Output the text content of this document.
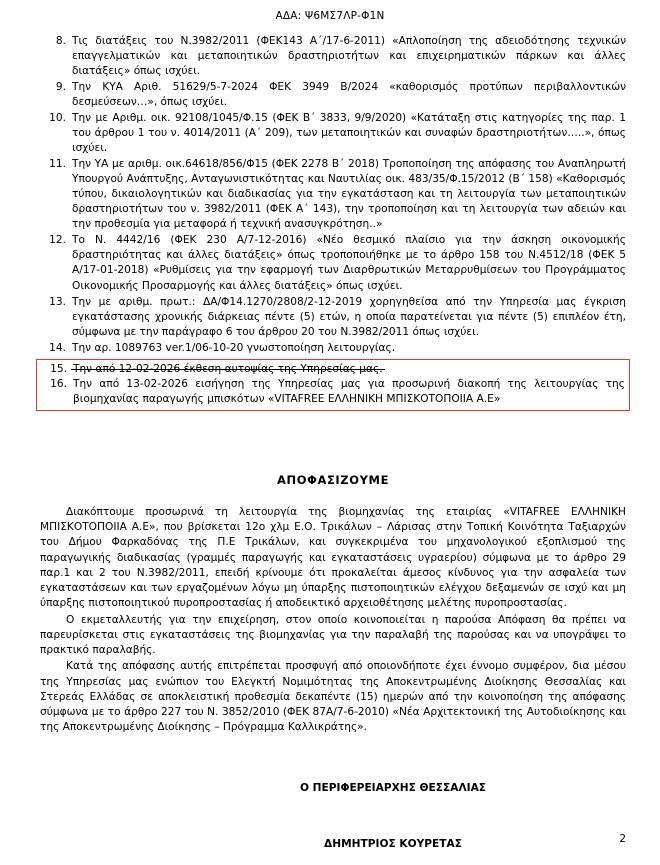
ΑΔΑ: Ψ6ΜΣ7ΛΡ-Φ1Ν
8. Τις διατάξεις του Ν.3982/2011 (ΦΕΚ143 Α΄/17-6-2011) «Απλοποίηση της αδειοδότησης τεχνικών επαγγελματικών και μεταποιητικών δραστηριοτήτων και επιχειρηματικών πάρκων και άλλες διατάξεις» όπως ισχύει.
9. Την ΚΥΑ Αριθ. 51629/5-7-2024 ΦΕΚ 3949 Β/2024 «καθορισμός προτύπων περιβαλλοντικών δεσμεύσεων…», όπως ισχύει.
10. Την με Αριθμ. οικ. 92108/1045/Φ.15 (ΦΕΚ Β΄ 3833, 9/9/2020) «Κατάταξη στις κατηγορίες της παρ. 1 του άρθρου 1 του ν. 4014/2011 (Α΄ 209), των μεταποιητικών και συναφών δραστηριοτήτων…..», όπως ισχύει.
11. Την ΥΑ με αριθμ. οικ.64618/856/Φ15 (ΦΕΚ 2278 Β΄ 2018) Τροποποίηση της απόφασης του Αναπληρωτή Υπουργού Ανάπτυξης, Ανταγωνιστικότητας και Ναυτιλίας οικ. 483/35/Φ.15/2012 (Β΄ 158) «Καθορισμός τύπου, δικαιολογητικών και διαδικασίας για την εγκατάσταση και τη λειτουργία των μεταποιητικών δραστηριοτήτων του ν. 3982/2011 (ΦΕΚ Α΄ 143), την τροποποίηση και τη λειτουργία των αδειών και την προθεσμία για μεταφορά ή τεχνική ανασυγκρότηση..»
12. Το Ν. 4442/16 (ΦΕΚ 230 Α/7-12-2016) «Νέο θεσμικό πλαίσιο για την άσκηση οικονομικής δραστηριότητας και άλλες διατάξεις» όπως τροποποιήθηκε με το άρθρο 158 του Ν.4512/18 (ΦΕΚ 5 Α/17-01-2018) «Ρυθμίσεις για την εφαρμογή των Διαρθρωτικών Μεταρρυθμίσεων του Προγράμματος Οικονομικής Προσαρμογής και άλλες διατάξεις» όπως ισχύει.
13. Την με αριθμ. πρωτ.: ΔΑ/Φ14.1270/2808/2-12-2019 χορηγηθείσα από την Υπηρεσία μας έγκριση εγκατάστασης χρονικής διάρκειας πέντε (5) ετών, η οποία παρατείνεται για πέντε (5) επιπλέον έτη, σύμφωνα με την παράγραφο 6 του άρθρου 20 του Ν.3982/2011 όπως ισχύει.
14. Την αρ. 1089763 ver.1/06-10-20 γνωστοποίηση λειτουργίας.
15. Την από 12-02-2026 έκθεση αυτοψίας της Υπηρεσίας μας.
16. Την από 13-02-2026 εισήγηση της Υπηρεσίας μας για προσωρινή διακοπή της λειτουργίας της βιομηχανίας παραγωγής μπισκότων «VITAFREE ΕΛΛΗΝΙΚΗ ΜΠΙΣΚΟΤΟΠΟΙΙΑ Α.Ε»
ΑΠΟΦΑΣΙΖΟΥΜΕ

Διακόπτουμε προσωρινά τη λειτουργία της βιομηχανίας της εταιρίας «VITAFREE ΕΛΛΗΝΙΚΗ ΜΠΙΣΚΟΤΟΠΟΙΙΑ Α.Ε», που βρίσκεται 12ο χλμ Ε.Ο. Τρικάλων – Λάρισας στην Τοπική Κοινότητα Ταξιαρχών του Δήμου Φαρκαδόνας της Π.Ε Τρικάλων, και συγκεκριμένα του μηχανολογικού εξοπλισμού της παραγωγικής διαδικασίας (γραμμές παραγωγής και εγκαταστάσεις υγραερίου) σύμφωνα με το άρθρο 29 παρ.1 και 2 του Ν.3982/2011, επειδή κρίνουμε ότι προκαλείται άμεσος κίνδυνος για την ασφαλεία των εγκαταστάσεων και των εργαζομένων λόγω μη ύπαρξης πιστοποιητικών ελέγχου δεξαμενών σε ισχύ και μη ύπαρξης πιστοποιητικού πυροπροστασίας ή αποδεικτικό αρχειοθέτησης μελέτης πυροπροστασίας.

Ο εκμεταλλευτής για την επιχείρηση, στον οποίο κοινοποιείται η παρούσα Απόφαση θα πρέπει να παρευρίσκεται στις εγκαταστάσεις της βιομηχανίας για την παραλαβή της παρούσας και να υπογράψει το πρακτικό παραλαβής.

Κατά της απόφασης αυτής επιτρέπεται προσφυγή από οποιονδήποτε έχει έννομο συμφέρον, δια μέσου της Υπηρεσίας μας ενώπιον του Ελεγκτή Νομιμότητας της Αποκεντρωμένης Διοίκησης Θεσσαλίας και Στερεάς Ελλάδας σε αποκλειστική προθεσμία δεκαπέντε (15) ημερών από την κοινοποίηση της απόφασης σύμφωνα με το άρθρο 227 του Ν. 3852/2010 (ΦΕΚ 87Α/7-6-2010) «Νέα Αρχιτεκτονική της Αυτοδιοίκησης και της Αποκεντρωμένης Διοίκησης – Πρόγραμμα Καλλικράτης».

Ο ΠΕΡΙΦΕΡΕΙΑΡΧΗΣ ΘΕΣΣΑΛΙΑΣ
ΔΗΜΗΤΡΙΟΣ ΚΟΥΡΕΤΑΣ	2
